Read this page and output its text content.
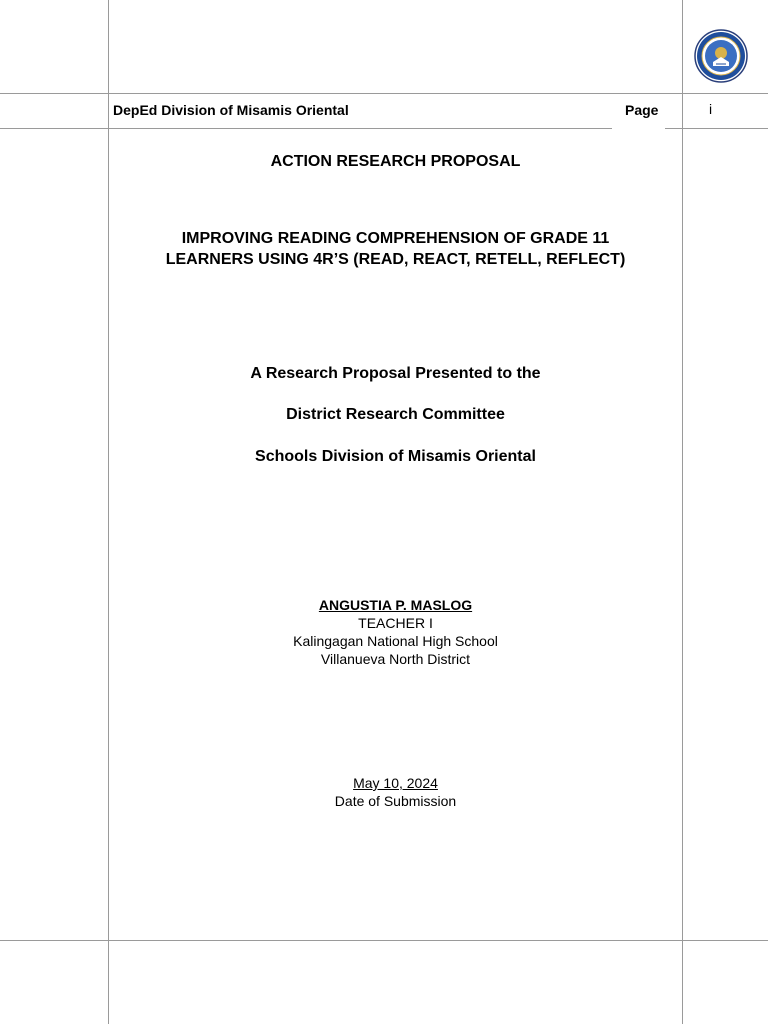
DepEd Division of Misamis Oriental	Page	i
ACTION RESEARCH PROPOSAL
IMPROVING READING COMPREHENSION OF GRADE 11
LEARNERS USING 4R’S (READ, REACT, RETELL, REFLECT)
A Research Proposal Presented to the
District Research Committee
Schools Division of Misamis Oriental
ANGUSTIA P. MASLOG
TEACHER I
Kalingagan National High School
Villanueva North District
May 10, 2024
Date of Submission
